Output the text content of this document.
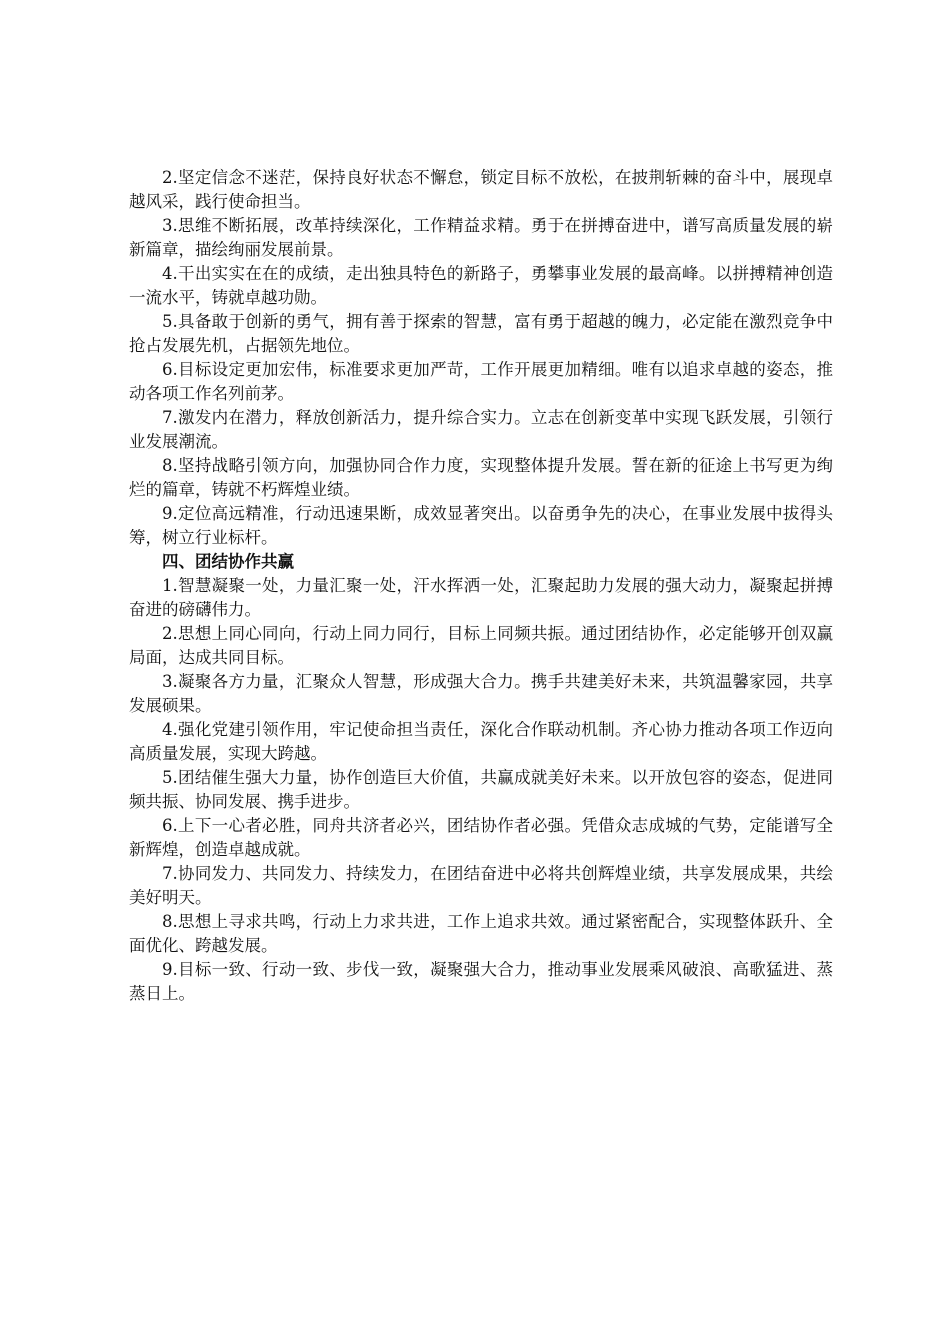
2.坚定信念不迷茫，保持良好状态不懈怠，锁定目标不放松，在披荆斩棘的奋斗中，展现卓越风采，践行使命担当。

3.思维不断拓展，改革持续深化，工作精益求精。勇于在拼搏奋进中，谱写高质量发展的崭新篇章，描绘绚丽发展前景。

4.干出实实在在的成绩，走出独具特色的新路子，勇攀事业发展的最高峰。以拼搏精神创造一流水平，铸就卓越功勋。

5.具备敢于创新的勇气，拥有善于探索的智慧，富有勇于超越的魄力，必定能在激烈竞争中抢占发展先机，占据领先地位。

6.目标设定更加宏伟，标准要求更加严苛，工作开展更加精细。唯有以追求卓越的姿态，推动各项工作名列前茅。

7.激发内在潜力，释放创新活力，提升综合实力。立志在创新变革中实现飞跃发展，引领行业发展潮流。

8.坚持战略引领方向，加强协同合作力度，实现整体提升发展。誓在新的征途上书写更为绚烂的篇章，铸就不朽辉煌业绩。

9.定位高远精准，行动迅速果断，成效显著突出。以奋勇争先的决心，在事业发展中拔得头筹，树立行业标杆。

四、团结协作共赢

1.智慧凝聚一处，力量汇聚一处，汗水挥洒一处，汇聚起助力发展的强大动力，凝聚起拼搏奋进的磅礴伟力。

2.思想上同心同向，行动上同力同行，目标上同频共振。通过团结协作，必定能够开创双赢局面，达成共同目标。

3.凝聚各方力量，汇聚众人智慧，形成强大合力。携手共建美好未来，共筑温馨家园，共享发展硕果。

4.强化党建引领作用，牢记使命担当责任，深化合作联动机制。齐心协力推动各项工作迈向高质量发展，实现大跨越。

5.团结催生强大力量，协作创造巨大价值，共赢成就美好未来。以开放包容的姿态，促进同频共振、协同发展、携手进步。

6.上下一心者必胜，同舟共济者必兴，团结协作者必强。凭借众志成城的气势，定能谱写全新辉煌，创造卓越成就。

7.协同发力、共同发力、持续发力，在团结奋进中必将共创辉煌业绩，共享发展成果，共绘美好明天。

8.思想上寻求共鸣，行动上力求共进，工作上追求共效。通过紧密配合，实现整体跃升、全面优化、跨越发展。

9.目标一致、行动一致、步伐一致，凝聚强大合力，推动事业发展乘风破浪、高歌猛进、蒸蒸日上。
